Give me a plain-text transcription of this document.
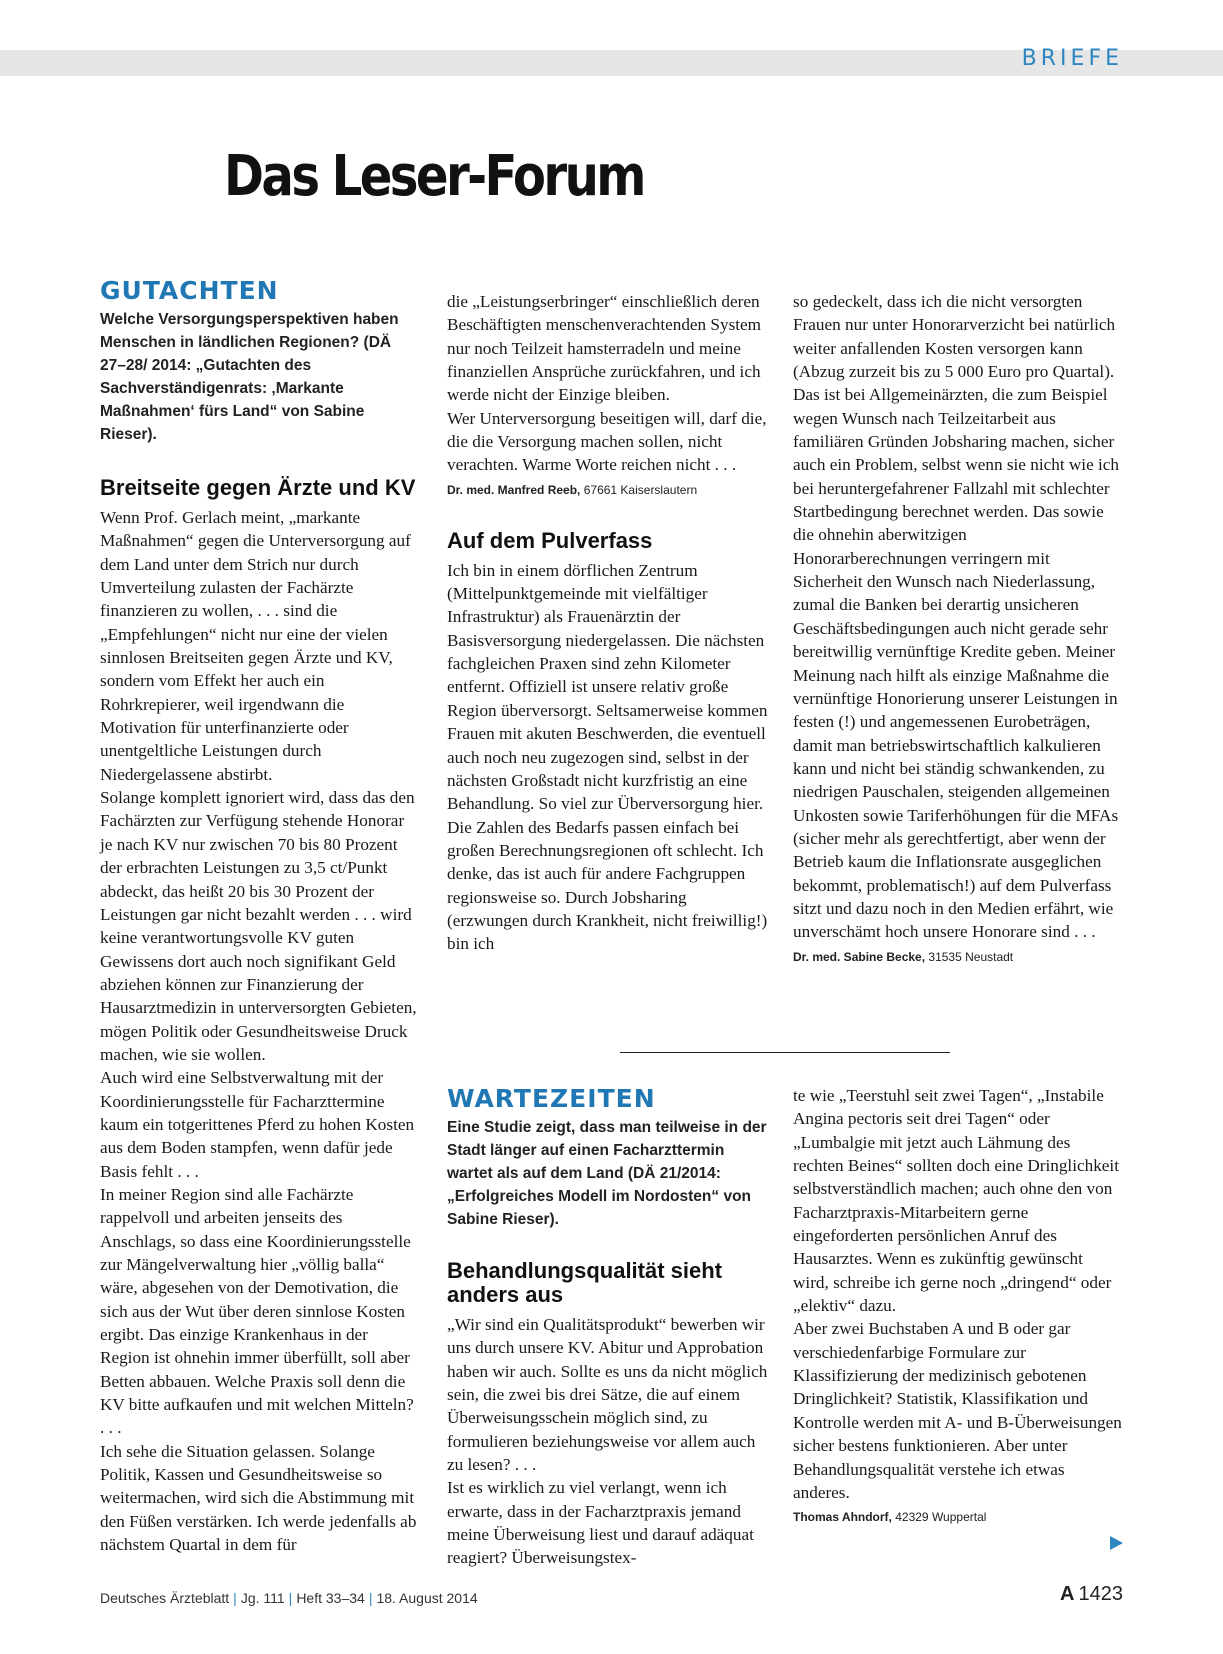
BRIEFE
Das Leser-Forum
GUTACHTEN

Welche Versorgungsperspektiven haben Menschen in ländlichen Regionen? (DÄ 27–28/ 2014: „Gutachten des Sachverständigenrats: ‚Markante Maßnahmen‘ fürs Land“ von Sabine Rieser).

Breitseite gegen Ärzte und KV

Wenn Prof. Gerlach meint, „markante Maßnahmen“ gegen die Unterversorgung auf dem Land unter dem Strich nur durch Umverteilung zulasten der Fachärzte finanzieren zu wollen, . . . sind die „Empfehlungen“ nicht nur eine der vielen sinnlosen Breitseiten gegen Ärzte und KV, sondern vom Effekt her auch ein Rohrkrepierer, weil irgendwann die Motivation für unterfinanzierte oder unentgeltliche Leistungen durch Niedergelassene abstirbt.
Solange komplett ignoriert wird, dass das den Fachärzten zur Verfügung stehende Honorar je nach KV nur zwischen 70 bis 80 Prozent der erbrachten Leistungen zu 3,5 ct/Punkt abdeckt, das heißt 20 bis 30 Prozent der Leistungen gar nicht bezahlt werden . . . wird keine verantwortungsvolle KV guten Gewissens dort auch noch signifikant Geld abziehen können zur Finanzierung der Hausarztmedizin in unterversorgten Gebieten, mögen Politik oder Gesundheitsweise Druck machen, wie sie wollen.
Auch wird eine Selbstverwaltung mit der Koordinierungsstelle für Facharzttermine kaum ein totgerittenes Pferd zu hohen Kosten aus dem Boden stampfen, wenn dafür jede Basis fehlt . . .
In meiner Region sind alle Fachärzte rappelvoll und arbeiten jenseits des Anschlags, so dass eine Koordinierungsstelle zur Mängelverwaltung hier „völlig balla“ wäre, abgesehen von der Demotivation, die sich aus der Wut über deren sinnlose Kosten ergibt. Das einzige Krankenhaus in der Region ist ohnehin immer überfüllt, soll aber Betten abbauen. Welche Praxis soll denn die KV bitte aufkaufen und mit welchen Mitteln? . . .
Ich sehe die Situation gelassen. Solange Politik, Kassen und Gesundheitsweise so weitermachen, wird sich die Abstimmung mit den Füßen verstärken. Ich werde jedenfalls ab nächstem Quartal in dem für

die „Leistungserbringer“ einschließlich deren Beschäftigten menschenverachtenden System nur noch Teilzeit hamsterradeln und meine finanziellen Ansprüche zurückfahren, und ich werde nicht der Einzige bleiben.
Wer Unterversorgung beseitigen will, darf die, die die Versorgung machen sollen, nicht verachten. Warme Worte reichen nicht . . .

Dr. med. Manfred Reeb, 67661 Kaiserslautern

Auf dem Pulverfass

Ich bin in einem dörflichen Zentrum (Mittelpunktgemeinde mit vielfältiger Infrastruktur) als Frauenärztin der Basisversorgung niedergelassen. Die nächsten fachgleichen Praxen sind zehn Kilometer entfernt. Offiziell ist unsere relativ große Region überversorgt. Seltsamerweise kommen Frauen mit akuten Beschwerden, die eventuell auch noch neu zugezogen sind, selbst in der nächsten Großstadt nicht kurzfristig an eine Behandlung. So viel zur Überversorgung hier. Die Zahlen des Bedarfs passen einfach bei großen Berechnungsregionen oft schlecht. Ich denke, das ist auch für andere Fachgruppen regionsweise so. Durch Jobsharing (erzwungen durch Krankheit, nicht freiwillig!) bin ich

so gedeckelt, dass ich die nicht versorgten Frauen nur unter Honorarverzicht bei natürlich weiter anfallenden Kosten versorgen kann (Abzug zurzeit bis zu 5 000 Euro pro Quartal). Das ist bei Allgemeinärzten, die zum Beispiel wegen Wunsch nach Teilzeitarbeit aus familiären Gründen Jobsharing machen, sicher auch ein Problem, selbst wenn sie nicht wie ich bei heruntergefahrener Fallzahl mit schlechter Startbedingung berechnet werden. Das sowie die ohnehin aberwitzigen Honorarberechnungen verringern mit Sicherheit den Wunsch nach Niederlassung, zumal die Banken bei derartig unsicheren Geschäftsbedingungen auch nicht gerade sehr bereitwillig vernünftige Kredite geben. Meiner Meinung nach hilft als einzige Maßnahme die vernünftige Honorierung unserer Leistungen in festen (!) und angemessenen Eurobeträgen, damit man betriebswirtschaftlich kalkulieren kann und nicht bei ständig schwankenden, zu niedrigen Pauschalen, steigenden allgemeinen Unkosten sowie Tariferhöhungen für die MFAs (sicher mehr als gerechtfertigt, aber wenn der Betrieb kaum die Inflationsrate ausgeglichen bekommt, problematisch!) auf dem Pulverfass sitzt und dazu noch in den Medien erfährt, wie unverschämt hoch unsere Honorare sind . . .

Dr. med. Sabine Becke, 31535 Neustadt

WARTEZEITEN

Eine Studie zeigt, dass man teilweise in der Stadt länger auf einen Facharzttermin wartet als auf dem Land (DÄ 21/2014: „Erfolgreiches Modell im Nordosten“ von Sabine Rieser).

Behandlungsqualität sieht anders aus

„Wir sind ein Qualitätsprodukt“ bewerben wir uns durch unsere KV. Abitur und Approbation haben wir auch. Sollte es uns da nicht möglich sein, die zwei bis drei Sätze, die auf einem Überweisungsschein möglich sind, zu formulieren beziehungsweise vor allem auch zu lesen? . . .
Ist es wirklich zu viel verlangt, wenn ich erwarte, dass in der Facharztpraxis jemand meine Überweisung liest und darauf adäquat reagiert? Überweisungstex-

te wie „Teerstuhl seit zwei Tagen“, „Instabile Angina pectoris seit drei Tagen“ oder „Lumbalgie mit jetzt auch Lähmung des rechten Beines“ sollten doch eine Dringlichkeit selbstverständlich machen; auch ohne den von Facharztpraxis-Mitarbeitern gerne eingeforderten persönlichen Anruf des Hausarztes. Wenn es zukünftig gewünscht wird, schreibe ich gerne noch „dringend“ oder „elektiv“ dazu.
Aber zwei Buchstaben A und B oder gar verschiedenfarbige Formulare zur Klassifizierung der medizinisch gebotenen Dringlichkeit? Statistik, Klassifikation und Kontrolle werden mit A- und B-Überweisungen sicher bestens funktionieren. Aber unter Behandlungsqualität verstehe ich etwas anderes.

Thomas Ahndorf, 42329 Wuppertal

Deutsches Ärzteblatt | Jg. 111 | Heft 33–34 | 18. August 2014	A 1423
